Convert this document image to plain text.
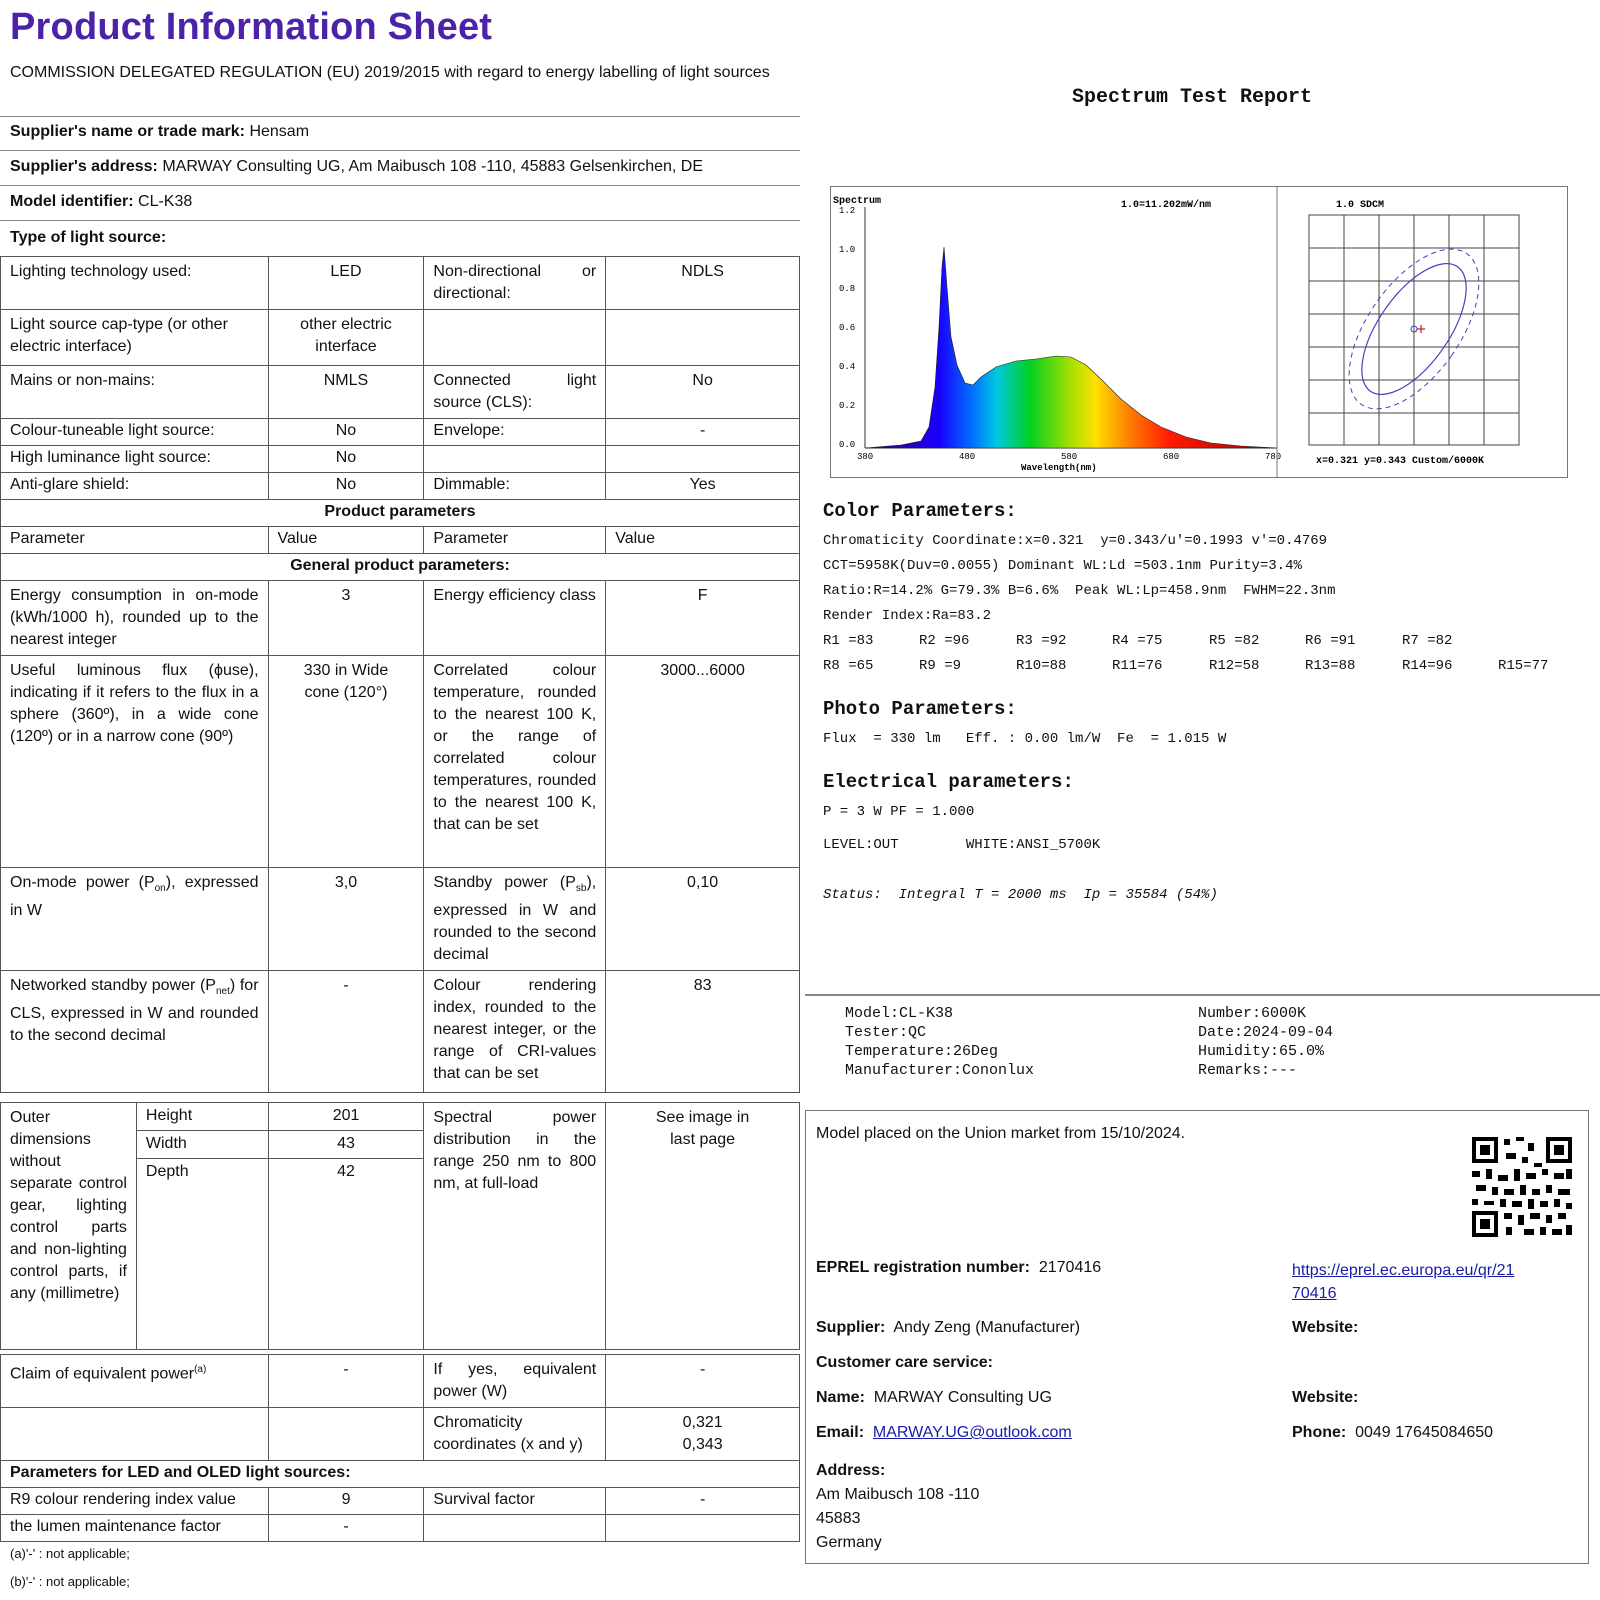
Product Information Sheet
COMMISSION DELEGATED REGULATION (EU) 2019/2015 with regard to energy labelling of light sources
Supplier's name or trade mark: Hensam
Supplier's address: MARWAY Consulting UG, Am Maibusch 108 -110, 45883 Gelsenkirchen, DE
Model identifier: CL-K38
Type of light source:
Lighting technology used:	LED	Non-directional or directional:	NDLS
Light source cap-type (or other electric interface)	other electric interface		
Mains or non-mains:	NMLS	Connected light source (CLS):	No
Colour-tuneable light source:	No	Envelope:	-
High luminance light source:	No		
Anti-glare shield:	No	Dimmable:	Yes
Product parameters			
Parameter	Value	Parameter	Value
General product parameters:			
Energy consumption in on-mode (kWh/1000 h), rounded up to the nearest integer	3	Energy efficiency class	F
Useful luminous flux (ϕuse), indicating if it refers to the flux in a sphere (360º), in a wide cone (120º) or in a narrow cone (90º)	330 in Wide cone (120°)	Correlated colour temperature, rounded to the nearest 100 K, or the range of correlated colour temperatures, rounded to the nearest 100 K, that can be set	3000...6000
On-mode power $(P_{on})$, expressed in W	3,0	Standby power $(P_{sb})$, expressed in W and rounded to the second decimal	0,10
Networked standby power $(P_{net})$ for CLS, expressed in W and rounded to the second decimal	-	Colour rendering index, rounded to the nearest integer, or the range of CRI-values that can be set	83
Outer dimensions without separate control gear, lighting control parts and non-lighting control parts, if any (millimetre)	Height	201	Spectral power distribution in the range 250 nm to 800 nm, at full-load	See image in last page
	Width	43		
	Depth	42		
Claim of equivalent power$^{(a)}$	-	If yes, equivalent power (W)	-
		Chromaticity coordinates (x and y)	0,321
0,343

Parameters for LED and OLED light sources:			
R9 colour rendering index value	9	Survival factor	-
the lumen maintenance factor	-		
(a)'-' : not applicable;
(b)'-' : not applicable;
Spectrum Test Report
Spectrum	1.0=11.202mW/nm
1.2
1.0
0.8
0.6
0.4
0.2
0.0
380	480	580	680	780
Wavelength(nm)
1.0 SDCM
x=0.321 y=0.343 Custom/6000K
Color Parameters:
Chromaticity Coordinate:x=0.321  y=0.343/u'=0.1993 v'=0.4769
CCT=5958K(Duv=0.0055) Dominant WL:Ld =503.1nm Purity=3.4%
Ratio:R=14.2% G=79.3% B=6.6%  Peak WL:Lp=458.9nm  FWHM=22.3nm
Render Index:Ra=83.2
R1 =83	R2 =96	R3 =92	R4 =75	R5 =82	R6 =91	R7 =82
R8 =65	R9 =9	R10=88	R11=76	R12=58	R13=88	R14=96	R15=77
Photo Parameters:
Flux  = 330 lm   Eff. : 0.00 lm/W  Fe  = 1.015 W
Electrical parameters:
P = 3 W PF = 1.000
LEVEL:OUT        WHITE:ANSI_5700K
Status:  Integral T = 2000 ms  Ip = 35584 (54%)
Model:CL-K38
Tester:QC
Temperature:26Deg
Manufacturer:Cononlux
Number:6000K
Date:2024-09-04
Humidity:65.0%
Remarks:---
Model placed on the Union market from 15/10/2024.
EPREL registration number: 2170416	https://eprel.ec.europa.eu/qr/21
70416
Supplier: Andy Zeng (Manufacturer)	Website:
Customer care service:
Name: MARWAY Consulting UG	Website:
Email: MARWAY.UG@outlook.com	Phone: 0049 17645084650
Address:
Am Maibusch 108 -110
45883
Germany
